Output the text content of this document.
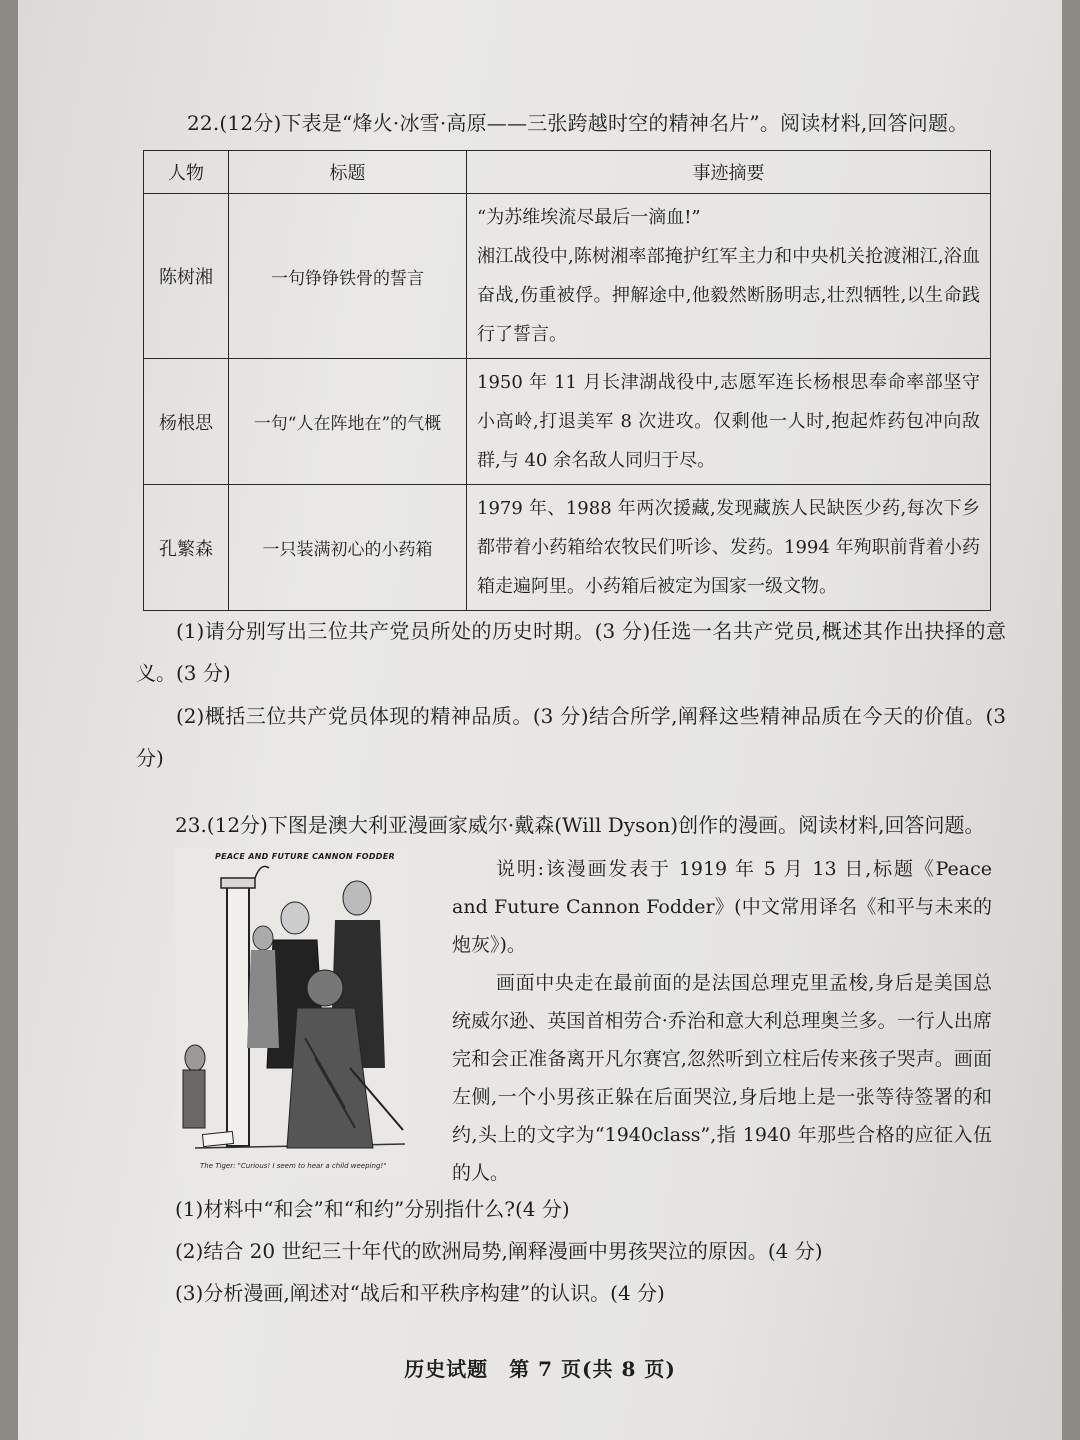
22.(12分)下表是“烽火·冰雪·高原——三张跨越时空的精神名片”。阅读材料,回答问题。
人物	标题	事迹摘要
陈树湘	一句铮铮铁骨的誓言	“为苏维埃流尽最后一滴血!”
湘江战役中,陈树湘率部掩护红军主力和中央机关抢渡湘江,浴血奋战,伤重被俘。押解途中,他毅然断肠明志,壮烈牺牲,以生命践行了誓言。
杨根思	一句“人在阵地在”的气概	1950 年 11 月长津湖战役中,志愿军连长杨根思奉命率部坚守小高岭,打退美军 8 次进攻。仅剩他一人时,抱起炸药包冲向敌群,与 40 余名敌人同归于尽。
孔繁森	一只装满初心的小药箱	1979 年、1988 年两次援藏,发现藏族人民缺医少药,每次下乡都带着小药箱给农牧民们听诊、发药。1994 年殉职前背着小药箱走遍阿里。小药箱后被定为国家一级文物。
(1)请分别写出三位共产党员所处的历史时期。(3 分)任选一名共产党员,概述其作出抉择的意义。(3 分)
(2)概括三位共产党员体现的精神品质。(3 分)结合所学,阐释这些精神品质在今天的价值。(3 分)
23.(12分)下图是澳大利亚漫画家威尔·戴森(Will Dyson)创作的漫画。阅读材料,回答问题。
PEACE AND FUTURE CANNON FODDER
The Tiger: "Curious! I seem to hear a child weeping!"

说明:该漫画发表于 1919 年 5 月 13 日,标题《Peace and Future Cannon Fodder》(中文常用译名《和平与未来的炮灰》)。

画面中央走在最前面的是法国总理克里孟梭,身后是美国总统威尔逊、英国首相劳合·乔治和意大利总理奥兰多。一行人出席完和会正准备离开凡尔赛宫,忽然听到立柱后传来孩子哭声。画面左侧,一个小男孩正躲在后面哭泣,身后地上是一张等待签署的和约,头上的文字为“1940class”,指 1940 年那些合格的应征入伍的人。

(1)材料中“和会”和“和约”分别指什么?(4 分)
(2)结合 20 世纪三十年代的欧洲局势,阐释漫画中男孩哭泣的原因。(4 分)
(3)分析漫画,阐述对“战后和平秩序构建”的认识。(4 分)
历史试题　第 7 页(共 8 页)
